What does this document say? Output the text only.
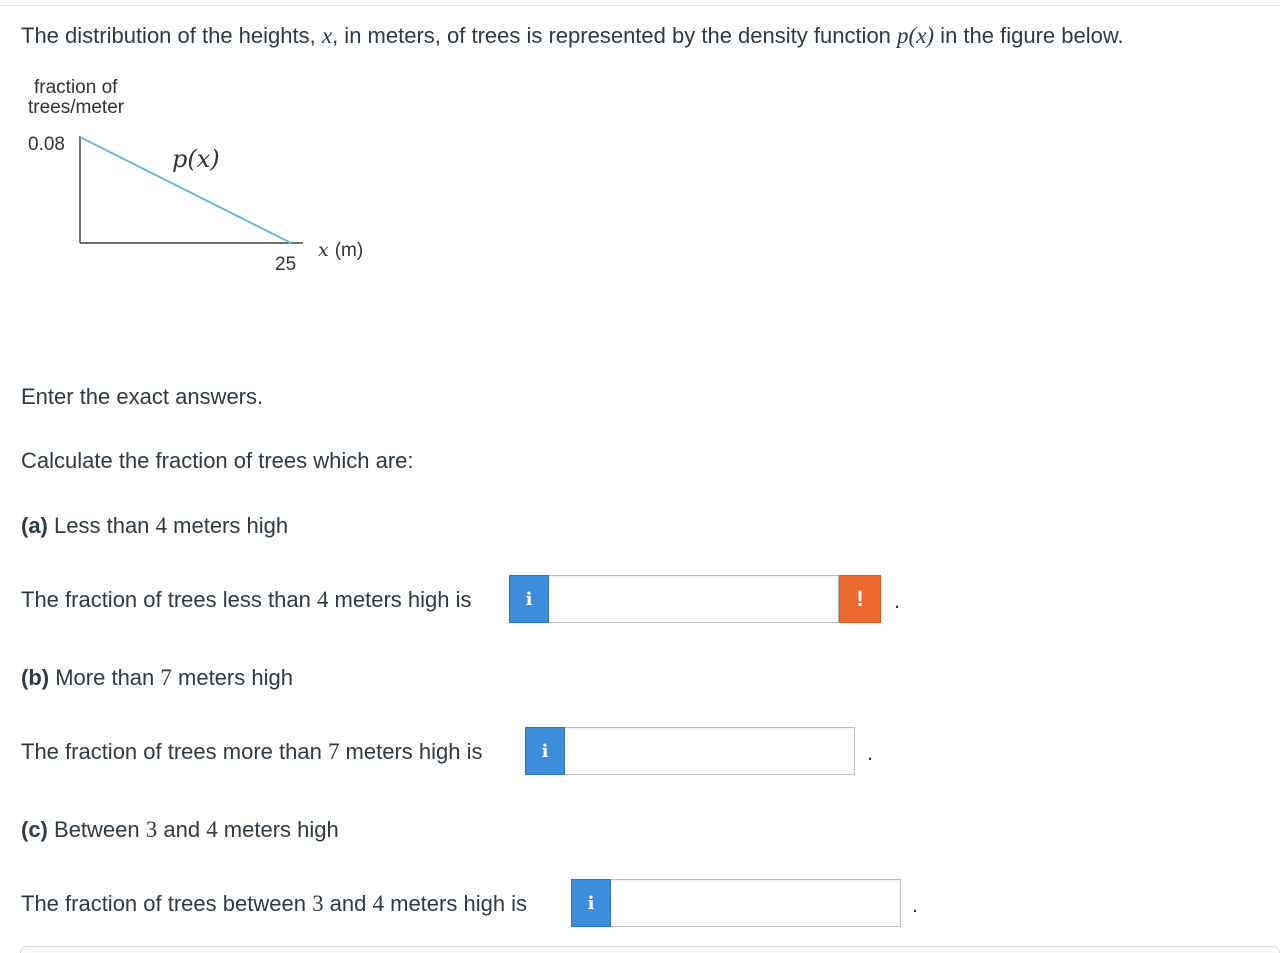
The distribution of the heights, x, in meters, of trees is represented by the density function p(x) in the figure below.
fraction of
trees/meter
0.08
p(x)
25
x (m)
Enter the exact answers.
Calculate the fraction of trees which are:
(a) Less than 4 meters high
The fraction of trees less than 4 meters high is	i	!	.
(b) More than 7 meters high
The fraction of trees more than 7 meters high is	i	.
(c) Between 3 and 4 meters high
The fraction of trees between 3 and 4 meters high is	i	.
